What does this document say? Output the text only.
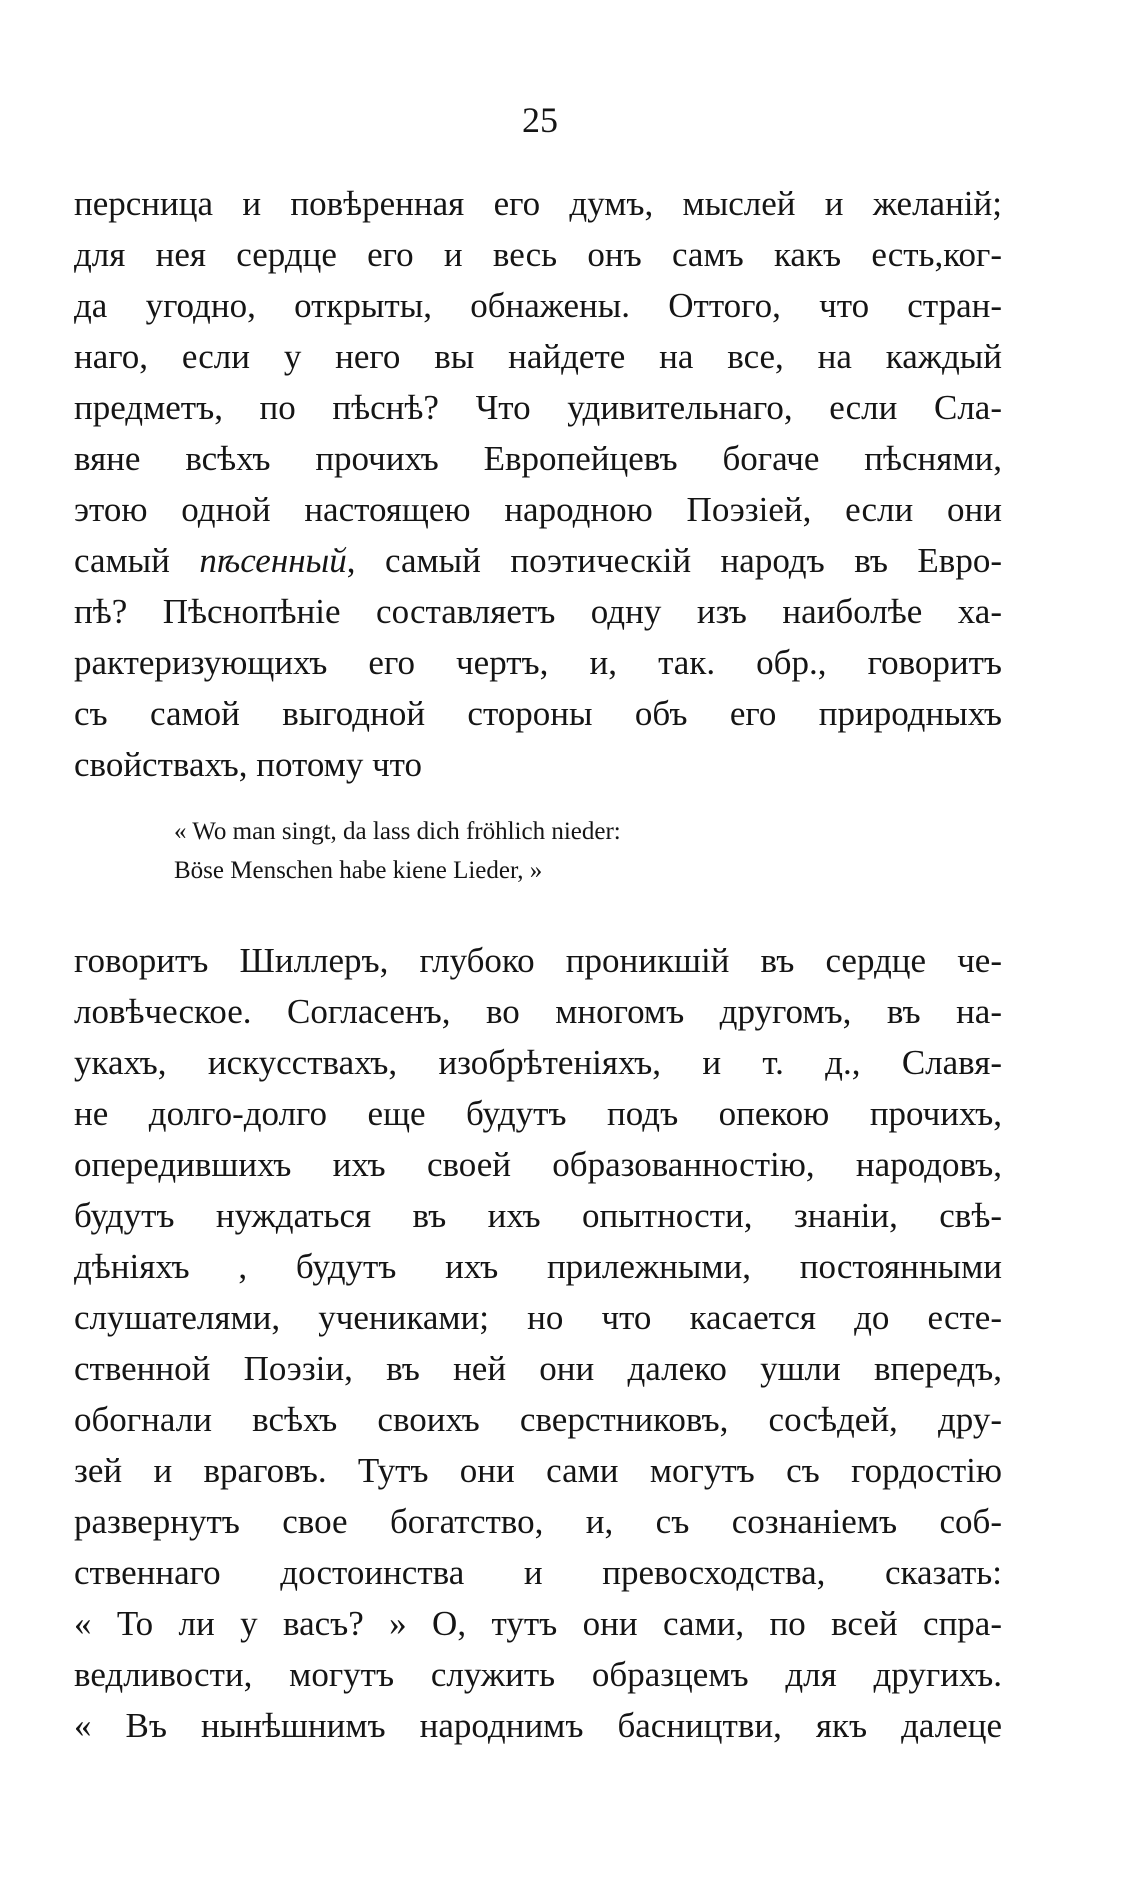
25
персница и повѣренная его думъ, мыслей и желаній;
для нея сердце его и весь онъ самъ какъ есть,ког-
да угодно, открыты, обнажены. Оттого, что стран-
наго, если у него вы найдете на все, на каждый
предметъ, по пѣснѣ? Что удивительнаго, если Сла-
вяне всѣхъ прочихъ Европейцевъ богаче пѣснями,
этою одной настоящею народною Поэзіей, если они
самый пѣсенный, самый поэтическій народъ въ Евро-
пѣ? Пѣснопѣніе составляетъ одну изъ наиболѣе ха-
рактеризующихъ его чертъ, и, так. обр., говоритъ
съ самой выгодной стороны объ его природныхъ
свойствахъ, потому что
« Wo man singt, da lass dich fröhlich nieder:
Böse Menschen habe kiene Lieder, »
говоритъ Шиллеръ, глубоко проникшій въ сердце че-
ловѣческое. Согласенъ, во многомъ другомъ, въ на-
укахъ, искусствахъ, изобрѣтеніяхъ, и т. д., Славя-
не долго-долго еще будутъ подъ опекою прочихъ,
опередившихъ ихъ своей образованностію, народовъ,
будутъ нуждаться въ ихъ опытности, знаніи, свѣ-
дѣніяхъ , будутъ ихъ прилежными, постоянными
слушателями, учениками; но что касается до есте-
ственной Поэзіи, въ ней они далеко ушли впередъ,
обогнали всѣхъ своихъ сверстниковъ, сосѣдей, дру-
зей и враговъ. Тутъ они сами могутъ съ гордостію
развернутъ свое богатство, и, съ сознаніемъ соб-
ственнаго достоинства и превосходства, сказать:
« То ли у васъ? » О, тутъ они сами, по всей спра-
ведливости, могутъ служить образцемъ для другихъ.
« Въ нынѣшнимъ народнимъ басництви, якъ далеце
